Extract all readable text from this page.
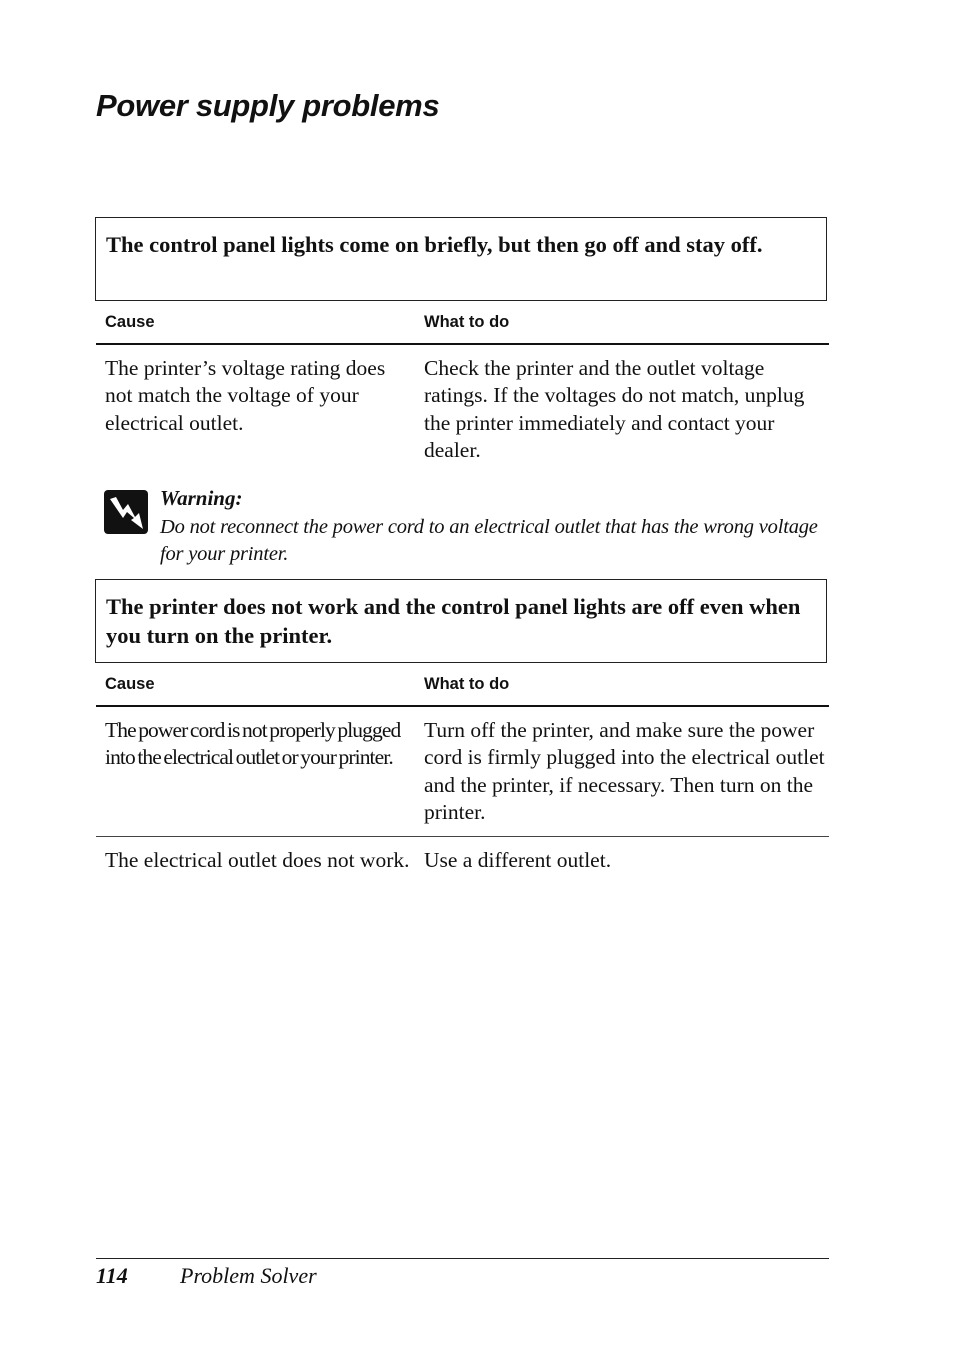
Power supply problems
The control panel lights come on briefly, but then go off and stay off.
Cause	What to do
The printer’s voltage rating does not match the voltage of your electrical outlet.
Check the printer and the outlet voltage ratings. If the voltages do not match, unplug the printer immediately and contact your dealer.
Warning:
Do not reconnect the power cord to an electrical outlet that has the wrong voltage for your printer.
The printer does not work and the control panel lights are off even when you turn on the printer.
Cause	What to do
The power cord is not properly plugged into the electrical outlet or your printer.
Turn off the printer, and make sure the power cord is firmly plugged into the electrical outlet and the printer, if necessary. Then turn on the printer.
The electrical outlet does not work. Use a different outlet.
114 Problem Solver
